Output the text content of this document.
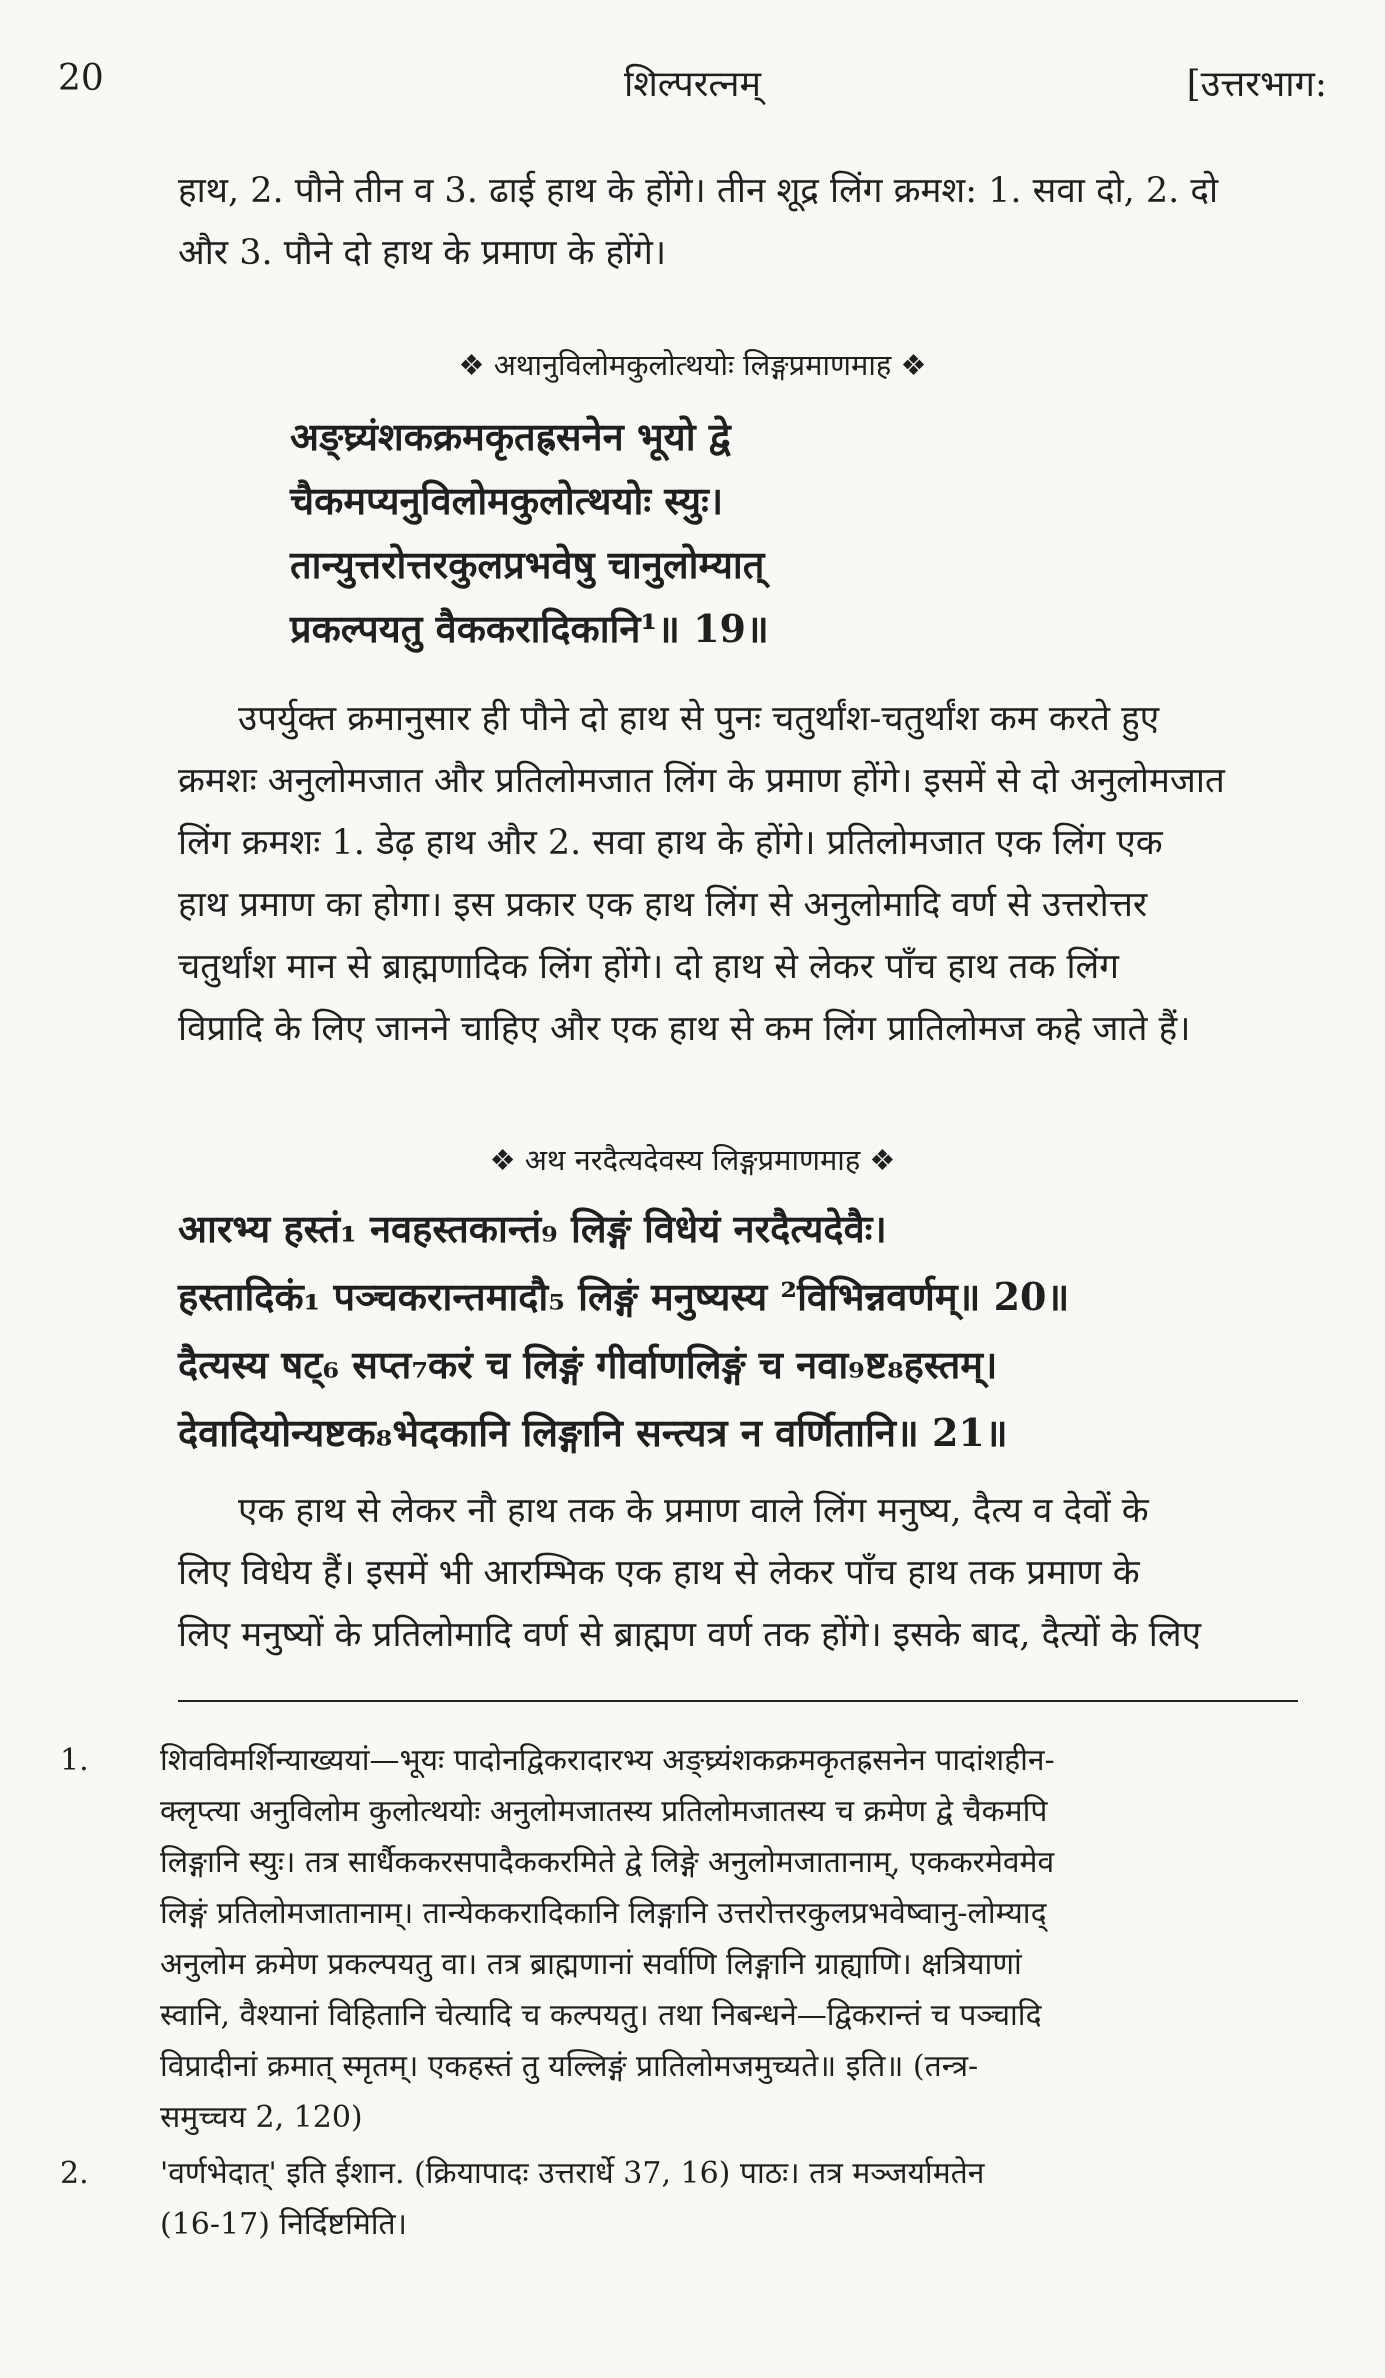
20	शिल्परत्नम्	[उत्तरभाग:
हाथ, 2. पौने तीन व 3. ढाई हाथ के होंगे। तीन शूद्र लिंग क्रमश: 1. सवा दो, 2. दो
और 3. पौने दो हाथ के प्रमाण के होंगे।
❖ अथानुविलोमकुलोत्थयोः लिङ्गप्रमाणमाह ❖
अङ्घ्र्यंशकक्रमकृतह्रसनेन भूयो द्वे
चैकमप्यनुविलोमकुलोत्थयोः स्युः।
तान्युत्तरोत्तरकुलप्रभवेषु चानुलोम्यात्
प्रकल्पयतु वैककरादिकानि¹॥ 19॥
उपर्युक्त क्रमानुसार ही पौने दो हाथ से पुनः चतुर्थांश-चतुर्थांश कम करते हुए
क्रमशः अनुलोमजात और प्रतिलोमजात लिंग के प्रमाण होंगे। इसमें से दो अनुलोमजात
लिंग क्रमशः 1. डेढ़ हाथ और 2. सवा हाथ के होंगे। प्रतिलोमजात एक लिंग एक
हाथ प्रमाण का होगा। इस प्रकार एक हाथ लिंग से अनुलोमादि वर्ण से उत्तरोत्तर
चतुर्थांश मान से ब्राह्मणादिक लिंग होंगे। दो हाथ से लेकर पाँच हाथ तक लिंग
विप्रादि के लिए जानने चाहिए और एक हाथ से कम लिंग प्रातिलोमज कहे जाते हैं।
❖ अथ नरदैत्यदेवस्य लिङ्गप्रमाणमाह ❖
आरभ्य हस्तं₁ नवहस्तकान्तं₉ लिङ्गं विधेयं नरदैत्यदेवैः।
हस्तादिकं₁ पञ्चकरान्तमादौ₅ लिङ्गं मनुष्यस्य ²विभिन्नवर्णम्॥ 20॥
दैत्यस्य षट्₆ सप्त₇करं च लिङ्गं गीर्वाणलिङ्गं च नवा₉ष्ट₈हस्तम्।
देवादियोन्यष्टक₈भेदकानि लिङ्गानि सन्त्यत्र न वर्णितानि॥ 21॥
एक हाथ से लेकर नौ हाथ तक के प्रमाण वाले लिंग मनुष्य, दैत्य व देवों के
लिए विधेय हैं। इसमें भी आरम्भिक एक हाथ से लेकर पाँच हाथ तक प्रमाण के
लिए मनुष्यों के प्रतिलोमादि वर्ण से ब्राह्मण वर्ण तक होंगे। इसके बाद, दैत्यों के लिए
1. शिवविमर्शिन्याख्ययां—भूयः पादोनद्विकरादारभ्य अङ्घ्र्यंशकक्रमकृतह्रसनेन पादांशहीन-
क्लृप्त्या अनुविलोम कुलोत्थयोः अनुलोमजातस्य प्रतिलोमजातस्य च क्रमेण द्वे चैकमपि
लिङ्गानि स्युः। तत्र सार्धैककरसपादैककरमिते द्वे लिङ्गे अनुलोमजातानाम्, एककरमेवमेव
लिङ्गं प्रतिलोमजातानाम्। तान्येककरादिकानि लिङ्गानि उत्तरोत्तरकुलप्रभवेष्वानु-लोम्याद्
अनुलोम क्रमेण प्रकल्पयतु वा। तत्र ब्राह्मणानां सर्वाणि लिङ्गानि ग्राह्याणि। क्षत्रियाणां
स्वानि, वैश्यानां विहितानि चेत्यादि च कल्पयतु। तथा निबन्धने—द्विकरान्तं च पञ्चादि
विप्रादीनां क्रमात् स्मृतम्। एकहस्तं तु यल्लिङ्गं प्रातिलोमजमुच्यते॥ इति॥ (तन्त्र-
समुच्चय 2, 120)
2. 'वर्णभेदात्' इति ईशान. (क्रियापादः उत्तरार्धे 37, 16) पाठः। तत्र मञ्जर्यामतेन
(16-17) निर्दिष्टमिति।
